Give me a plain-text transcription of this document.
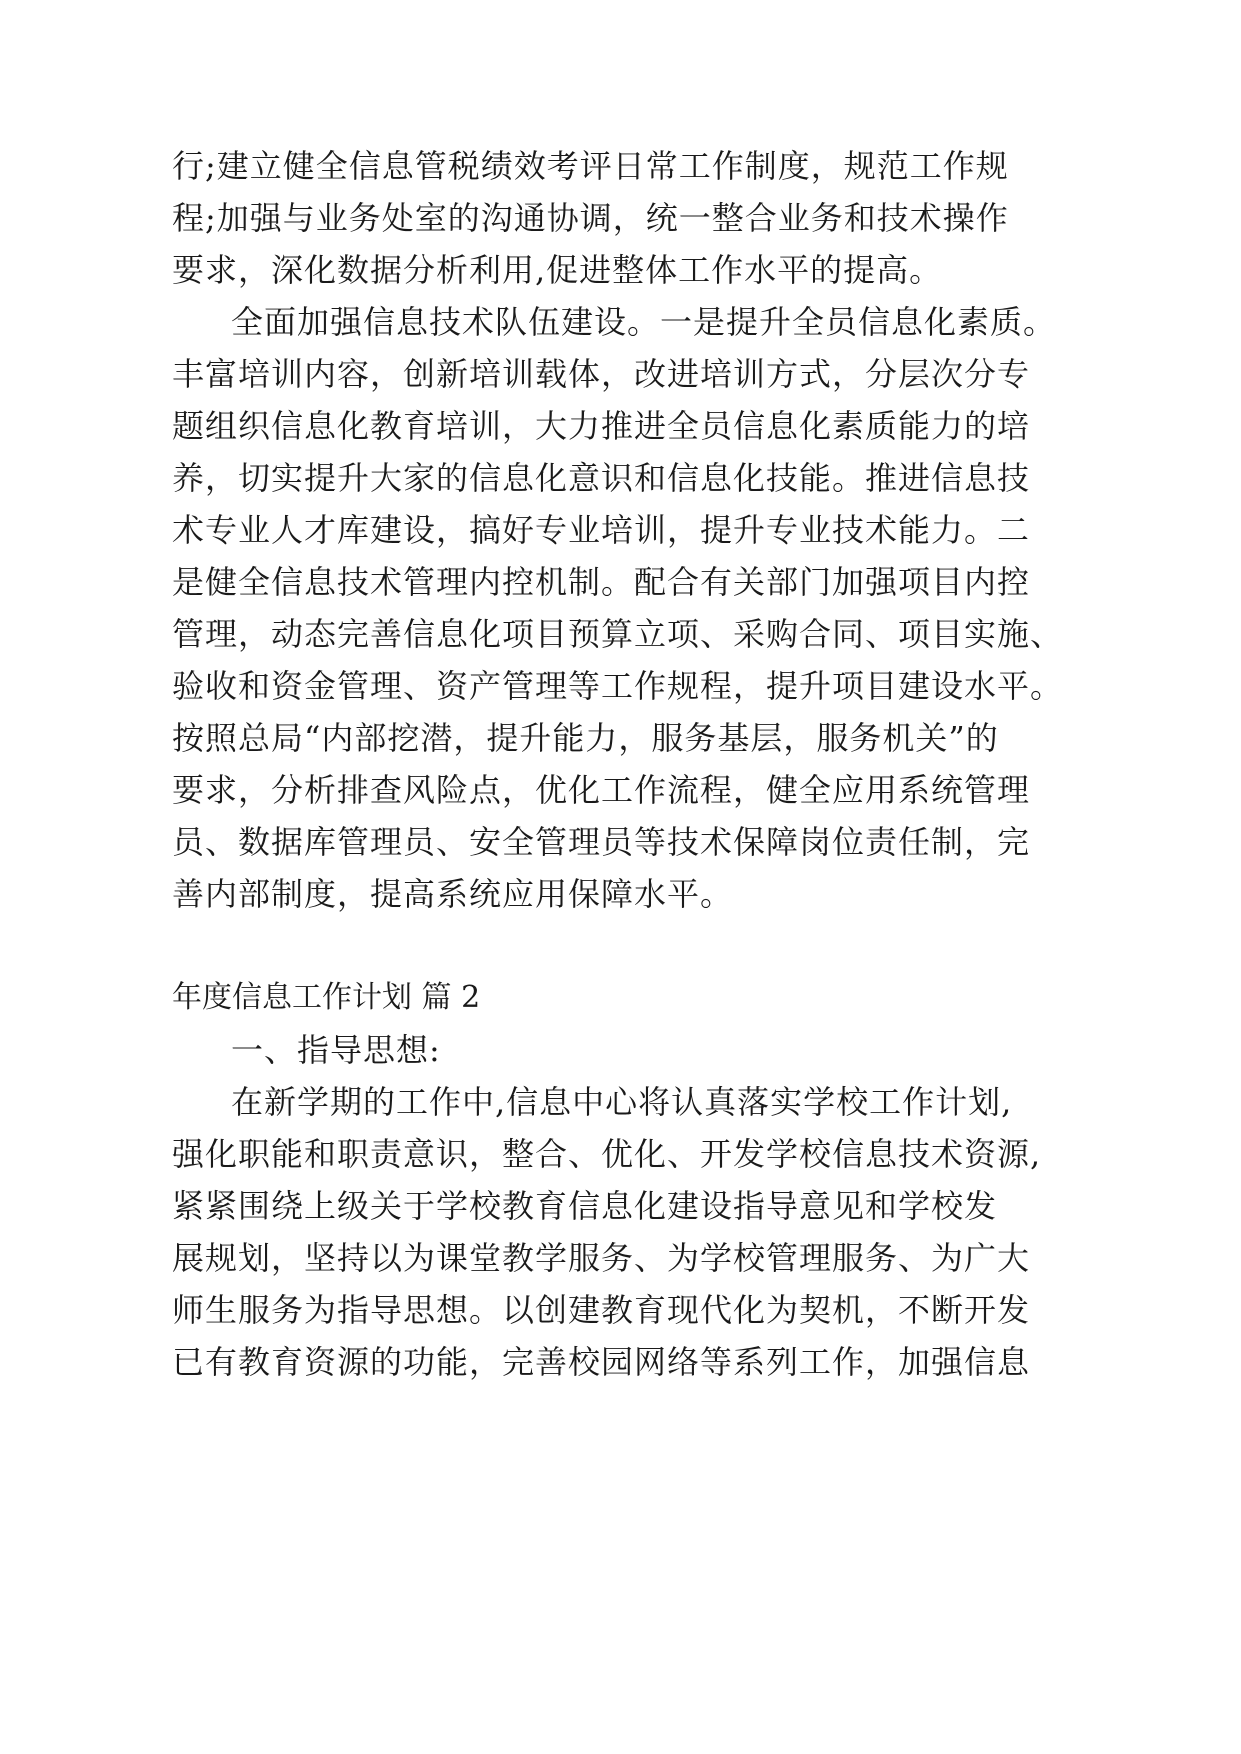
行;建立健全信息管税绩效考评日常工作制度，规范工作规
程;加强与业务处室的沟通协调，统一整合业务和技术操作
要求，深化数据分析利用,促进整体工作水平的提高。
全面加强信息技术队伍建设。一是提升全员信息化素质。
丰富培训内容，创新培训载体，改进培训方式，分层次分专
题组织信息化教育培训，大力推进全员信息化素质能力的培
养，切实提升大家的信息化意识和信息化技能。推进信息技
术专业人才库建设，搞好专业培训，提升专业技术能力。二
是健全信息技术管理内控机制。配合有关部门加强项目内控
管理，动态完善信息化项目预算立项、采购合同、项目实施、
验收和资金管理、资产管理等工作规程，提升项目建设水平。
按照总局“内部挖潜，提升能力，服务基层，服务机关”的
要求，分析排查风险点，优化工作流程，健全应用系统管理
员、数据库管理员、安全管理员等技术保障岗位责任制，完
善内部制度，提高系统应用保障水平。
年度信息工作计划 篇 2
一、指导思想:
在新学期的工作中,信息中心将认真落实学校工作计划,
强化职能和职责意识，整合、优化、开发学校信息技术资源,
紧紧围绕上级关于学校教育信息化建设指导意见和学校发
展规划，坚持以为课堂教学服务、为学校管理服务、为广大
师生服务为指导思想。以创建教育现代化为契机，不断开发
已有教育资源的功能，完善校园网络等系列工作，加强信息
